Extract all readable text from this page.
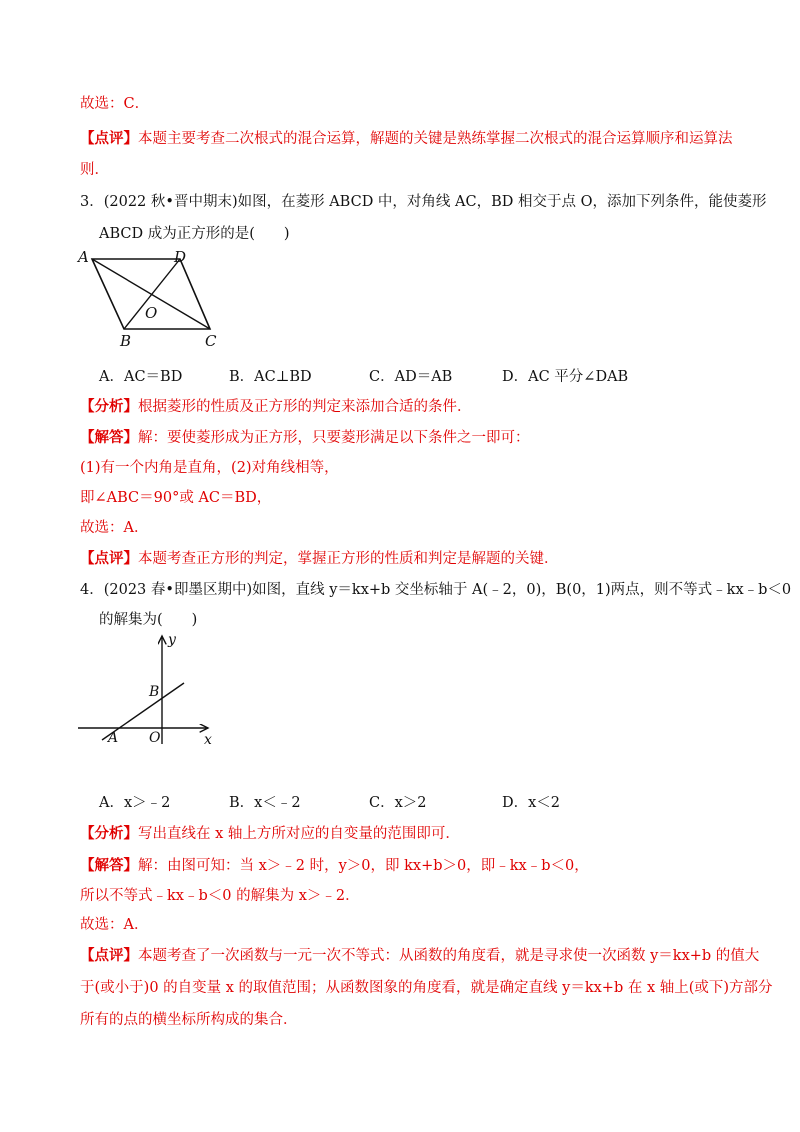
故选：C．
【点评】本题主要考查二次根式的混合运算，解题的关键是熟练掌握二次根式的混合运算顺序和运算法
则．
3．(2022 秋•晋中期末)如图，在菱形 ABCD 中，对角线 AC，BD 相交于点 O，添加下列条件，能使菱形
ABCD 成为正方形的是(　　)
A	D
O
B	C
A．AC＝BD	B．AC⊥BD	C．AD＝AB	D．AC 平分∠DAB
【分析】根据菱形的性质及正方形的判定来添加合适的条件．
【解答】解：要使菱形成为正方形，只要菱形满足以下条件之一即可：
(1)有一个内角是直角，(2)对角线相等，
即∠ABC＝90°或 AC＝BD，
故选：A．
【点评】本题考查正方形的判定，掌握正方形的性质和判定是解题的关键．
4．(2023 春•即墨区期中)如图，直线 y＝kx+b 交坐标轴于 A(﹣2，0)，B(0，1)两点，则不等式﹣kx﹣b＜0
的解集为(　　)
y
x
B
A O
A．x＞﹣2	B．x＜﹣2	C．x＞2	D．x＜2
【分析】写出直线在 x 轴上方所对应的自变量的范围即可．
【解答】解：由图可知：当 x＞﹣2 时，y＞0，即 kx+b＞0，即﹣kx﹣b＜0，
所以不等式﹣kx﹣b＜0 的解集为 x＞﹣2．
故选：A．
【点评】本题考查了一次函数与一元一次不等式：从函数的角度看，就是寻求使一次函数 y＝kx+b 的值大
于(或小于)0 的自变量 x 的取值范围；从函数图象的角度看，就是确定直线 y＝kx+b 在 x 轴上(或下)方部分
所有的点的横坐标所构成的集合．
